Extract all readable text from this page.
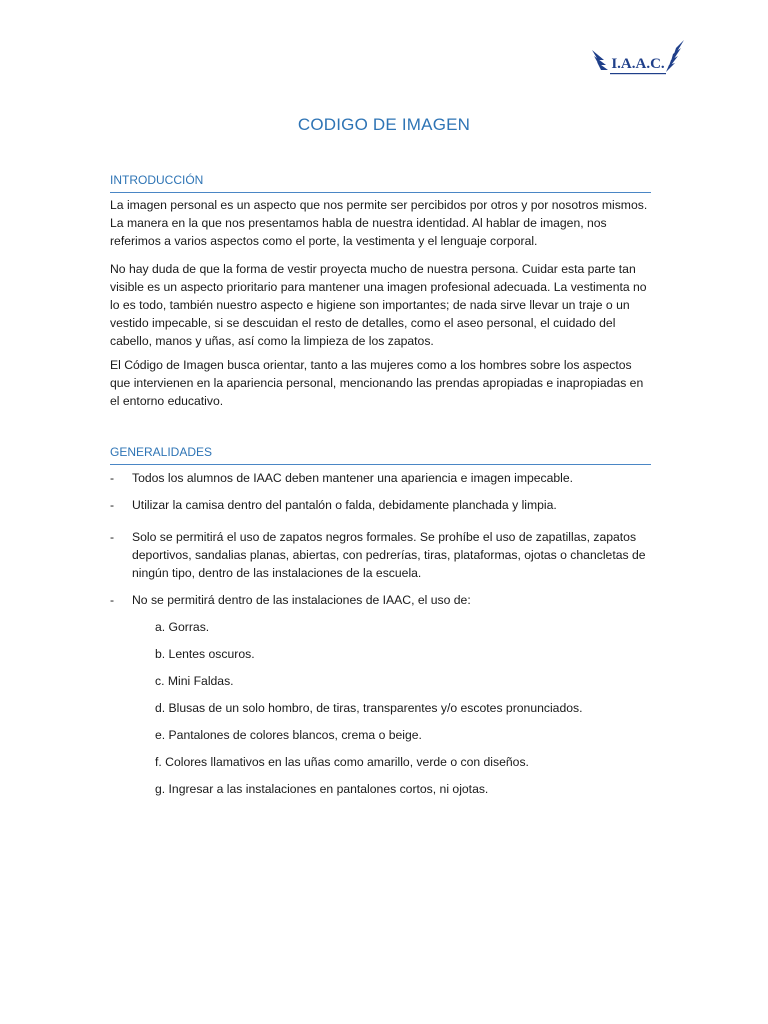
I.A.A.C.
CODIGO DE IMAGEN
INTRODUCCIÓN

La imagen personal es un aspecto que nos permite ser percibidos por otros y por nosotros mismos. La manera en la que nos presentamos habla de nuestra identidad. Al hablar de imagen, nos referimos a varios aspectos como el porte, la vestimenta y el lenguaje corporal.

No hay duda de que la forma de vestir proyecta mucho de nuestra persona. Cuidar esta parte tan visible es un aspecto prioritario para mantener una imagen profesional adecuada. La vestimenta no lo es todo, también nuestro aspecto e higiene son importantes; de nada sirve llevar un traje o un vestido impecable, si se descuidan el resto de detalles, como el aseo personal, el cuidado del cabello, manos y uñas, así como la limpieza de los zapatos.

El Código de Imagen busca orientar, tanto a las mujeres como a los hombres sobre los aspectos que intervienen en la apariencia personal, mencionando las prendas apropiadas e inapropiadas en el entorno educativo.

GENERALIDADES
- Todos los alumnos de IAAC deben mantener una apariencia e imagen impecable.
- Utilizar la camisa dentro del pantalón o falda, debidamente planchada y limpia.
- Solo se permitirá el uso de zapatos negros formales. Se prohíbe el uso de zapatillas, zapatos deportivos, sandalias planas, abiertas, con pedrerías, tiras, plataformas, ojotas o chancletas de ningún tipo, dentro de las instalaciones de la escuela.
- No se permitirá dentro de las instalaciones de IAAC, el uso de:
a. Gorras.
b. Lentes oscuros.
c. Mini Faldas.
d. Blusas de un solo hombro, de tiras, transparentes y/o escotes pronunciados.
e. Pantalones de colores blancos, crema o beige.
f. Colores llamativos en las uñas como amarillo, verde o con diseños.
g. Ingresar a las instalaciones en pantalones cortos, ni ojotas.
